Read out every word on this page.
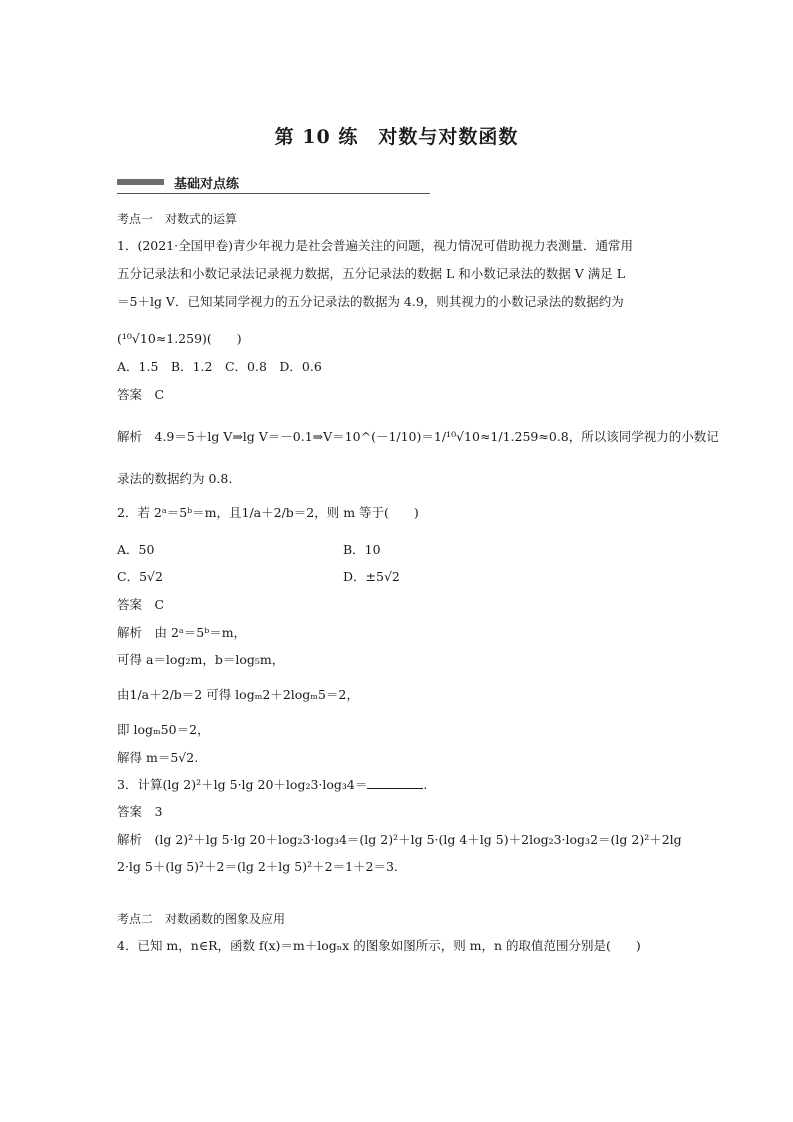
第 10 练　对数与对数函数
基础对点练
考点一　对数式的运算
1．(2021·全国甲卷)青少年视力是社会普遍关注的问题，视力情况可借助视力表测量．通常用
五分记录法和小数记录法记录视力数据，五分记录法的数据 L 和小数记录法的数据 V 满足 L
＝5＋lg V．已知某同学视力的五分记录法的数据为 4.9，则其视力的小数记录法的数据约为
(¹⁰√10≈1.259)(　　)
A．1.5　B．1.2　C．0.8　D．0.6
答案　C
解析　4.9＝5＋lg V⇒lg V＝－0.1⇒V＝10^(－1/10)＝1/¹⁰√10≈1/1.259≈0.8，所以该同学视力的小数记
录法的数据约为 0.8.
2．若 2ᵃ＝5ᵇ＝m，且1/a＋2/b＝2，则 m 等于(　　)
A．50	B．10
C．5√2	D．±5√2
答案　C
解析　由 2ᵃ＝5ᵇ＝m，
可得 a＝log₂m，b＝log₅m，
由1/a＋2/b＝2 可得 logₘ2＋2logₘ5＝2，
即 logₘ50＝2，
解得 m＝5√2.
3．计算(lg 2)²＋lg 5·lg 20＋log₂3·log₃4＝	.
答案　3
解析　(lg 2)²＋lg 5·lg 20＋log₂3·log₃4＝(lg 2)²＋lg 5·(lg 4＋lg 5)＋2log₂3·log₃2＝(lg 2)²＋2lg
2·lg 5＋(lg 5)²＋2＝(lg 2＋lg 5)²＋2＝1＋2＝3.
考点二　对数函数的图象及应用
4．已知 m，n∈R，函数 f(x)＝m＋logₙx 的图象如图所示，则 m，n 的取值范围分别是(　　)
